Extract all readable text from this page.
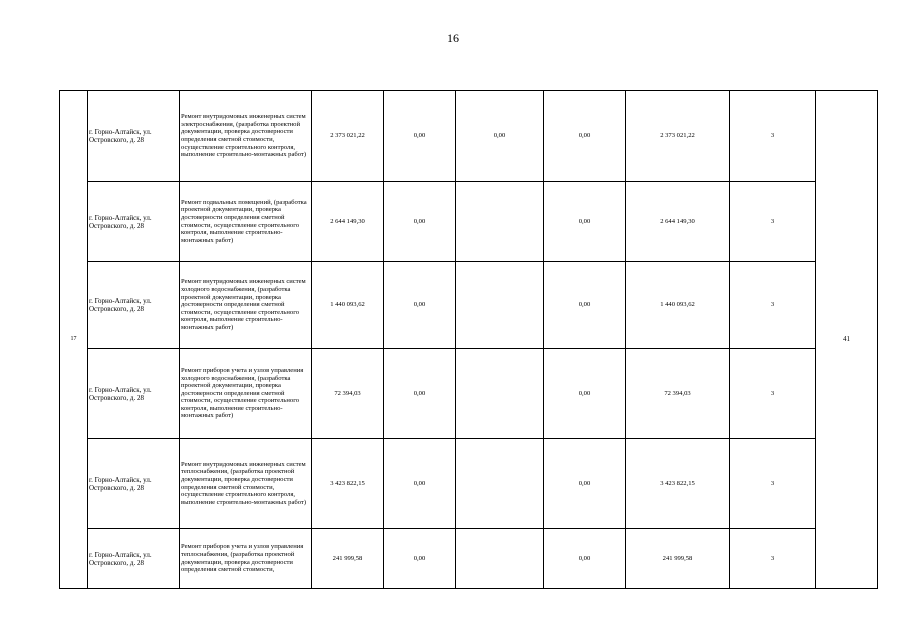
16
17	г. Горно-Алтайск, ул. Островского, д. 28	Ремонт внутридомовых инженерных систем электроснабжения, (разработка проектной документации, проверка достоверности определения сметной стоимости, осуществление строительного контроля, выполнение строительно-монтажных работ)	2 373 021,22	0,00	0,00	0,00	2 373 021,22	3	41
	г. Горно-Алтайск, ул. Островского, д. 28	Ремонт подвальных помещений, (разработка проектной документации, проверка достоверности определения сметной стоимости, осуществление строительного контроля, выполнение строительно-монтажных работ)	2 644 149,30	0,00		0,00	2 644 149,30	3	
	г. Горно-Алтайск, ул. Островского, д. 28	Ремонт внутридомовых инженерных систем холодного водоснабжения, (разработка проектной документации, проверка достоверности определения сметной стоимости, осуществление строительного контроля, выполнение строительно-монтажных работ)	1 440 093,62	0,00		0,00	1 440 093,62	3	
	г. Горно-Алтайск, ул. Островского, д. 28	Ремонт приборов учета и узлов управления холодного водоснабжения, (разработка проектной документации, проверка достоверности определения сметной стоимости, осуществление строительного контроля, выполнение строительно-монтажных работ)	72 394,03	0,00		0,00	72 394,03	3	
	г. Горно-Алтайск, ул. Островского, д. 28	Ремонт внутридомовых инженерных систем теплоснабжения, (разработка проектной документации, проверка достоверности определения сметной стоимости, осуществление строительного контроля, выполнение строительно-монтажных работ)	3 423 822,15	0,00		0,00	3 423 822,15	3	
	г. Горно-Алтайск, ул. Островского, д. 28	Ремонт приборов учета и узлов управления теплоснабжения, (разработка проектной документации, проверка достоверности определения сметной стоимости,	241 999,58	0,00		0,00	241 999,58	3	
